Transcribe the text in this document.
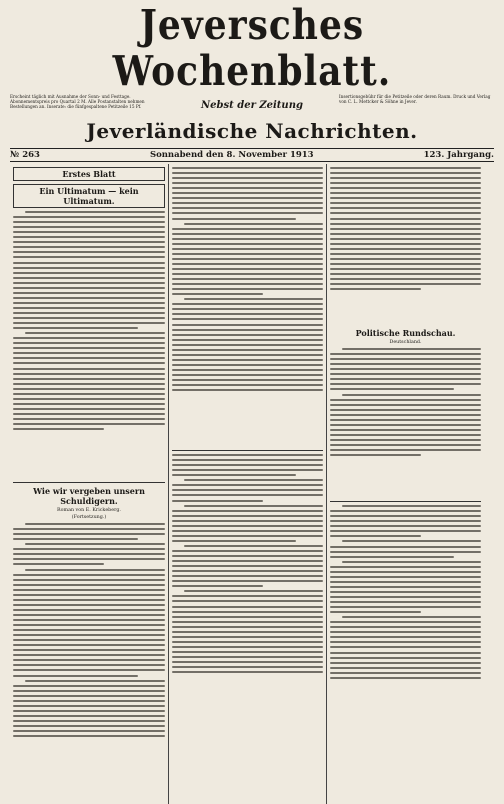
Jeversches Wochenblatt.
Erscheint täglich mit Ausnahme der Sonn- und Festtage. Abonnementspreis pro Quartal 2 M. Alle Postanstalten nehmen Bestellungen an. Inserate: die fünfgespaltene Petitzeile 15 Pf.	Nebst der Zeitung
Insertionsgebühr für die Petitzeile oder deren Raum. Druck und Verlag von C. L. Mettcker & Söhne in Jever.
Jeverländische Nachrichten.
№ 263	Sonnabend den 8. November 1913	123. Jahrgang.
Erstes Blatt
Ein Ultimatum — kein Ultimatum.
Wie wir vergeben unsern Schuldigern.
Roman von E. Krickeberg.
(Fortsetzung.)
Politische Rundschau.
Deutschland.
